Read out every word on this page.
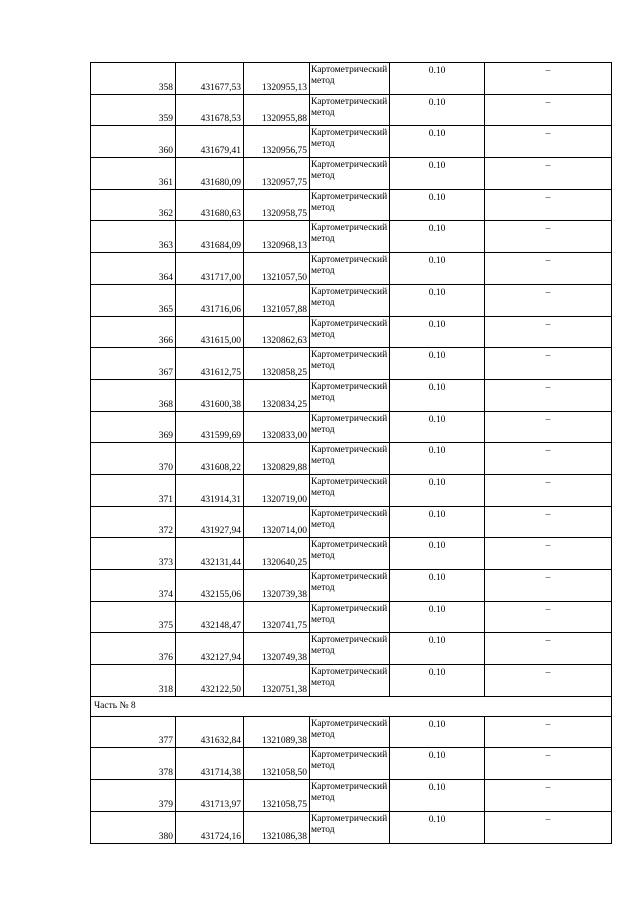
358	431677,53	1320955,13	Картометрический метод	0.10	–
359	431678,53	1320955,88	Картометрический метод	0.10	–
360	431679,41	1320956,75	Картометрический метод	0.10	–
361	431680,09	1320957,75	Картометрический метод	0.10	–
362	431680,63	1320958,75	Картометрический метод	0.10	–
363	431684,09	1320968,13	Картометрический метод	0.10	–
364	431717,00	1321057,50	Картометрический метод	0.10	–
365	431716,06	1321057,88	Картометрический метод	0.10	–
366	431615,00	1320862,63	Картометрический метод	0.10	–
367	431612,75	1320858,25	Картометрический метод	0.10	–
368	431600,38	1320834,25	Картометрический метод	0.10	–
369	431599,69	1320833,00	Картометрический метод	0.10	–
370	431608,22	1320829,88	Картометрический метод	0.10	–
371	431914,31	1320719,00	Картометрический метод	0.10	–
372	431927,94	1320714,00	Картометрический метод	0.10	–
373	432131,44	1320640,25	Картометрический метод	0.10	–
374	432155,06	1320739,38	Картометрический метод	0.10	–
375	432148,47	1320741,75	Картометрический метод	0.10	–
376	432127,94	1320749,38	Картометрический метод	0.10	–
318	432122,50	1320751,38	Картометрический метод	0.10	–
Часть № 8					
377	431632,84	1321089,38	Картометрический метод	0.10	–
378	431714,38	1321058,50	Картометрический метод	0.10	–
379	431713,97	1321058,75	Картометрический метод	0.10	–
380	431724,16	1321086,38	Картометрический метод	0.10	–
